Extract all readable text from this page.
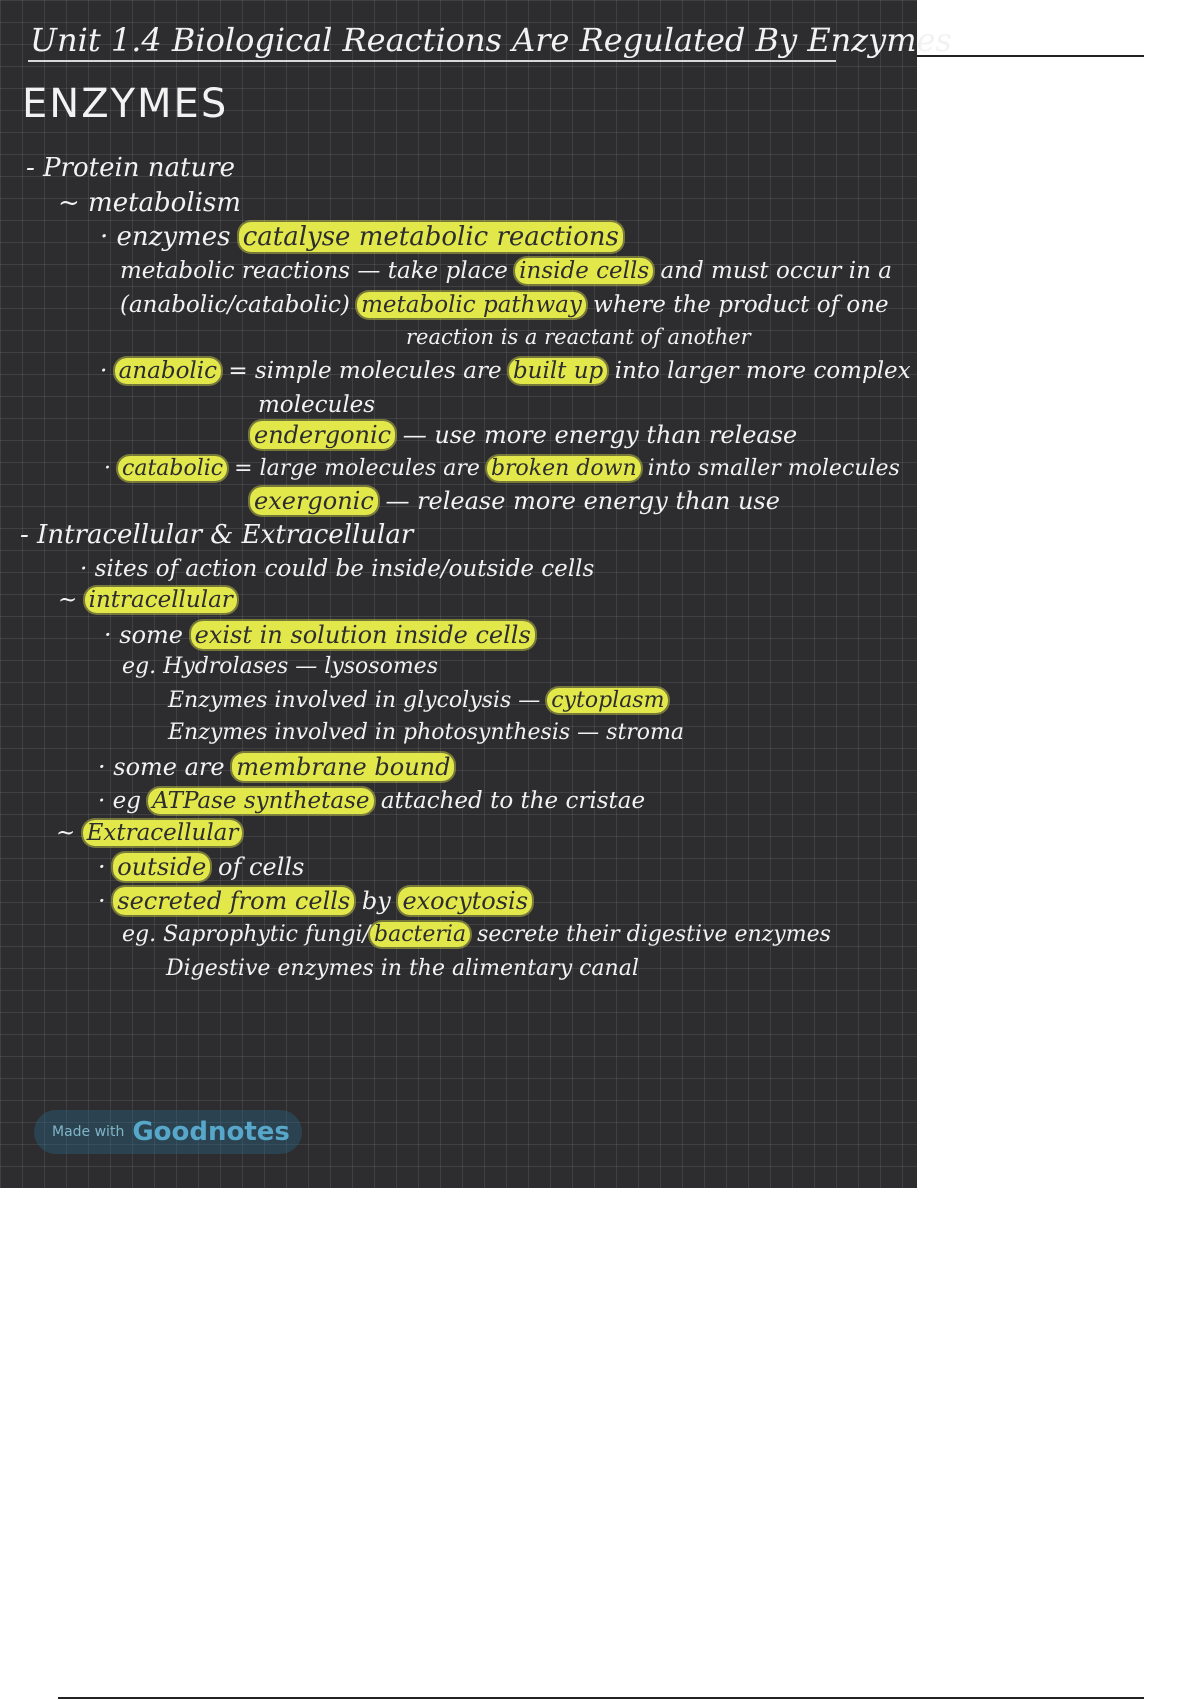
Unit 1.4 Biological Reactions Are Regulated By Enzymes
ENZYMES
- Protein nature
~ metabolism
· enzymes catalyse metabolic reactions
metabolic reactions — take place inside cells and must occur in a
(anabolic/catabolic) metabolic pathway where the product of one
reaction is a reactant of another
· anabolic = simple molecules are built up into larger more complex
molecules
endergonic — use more energy than release
· catabolic = large molecules are broken down into smaller molecules
exergonic — release more energy than use
- Intracellular & Extracellular
· sites of action could be inside/outside cells
~ intracellular
· some exist in solution inside cells
eg. Hydrolases — lysosomes
Enzymes involved in glycolysis — cytoplasm
Enzymes involved in photosynthesis — stroma
· some are membrane bound
· eg ATPase synthetase attached to the cristae
~ Extracellular
· outside of cells
· secreted from cells by exocytosis
eg. Saprophytic fungi/ bacteria secrete their digestive enzymes
Digestive enzymes in the alimentary canal
Made with Goodnotes
